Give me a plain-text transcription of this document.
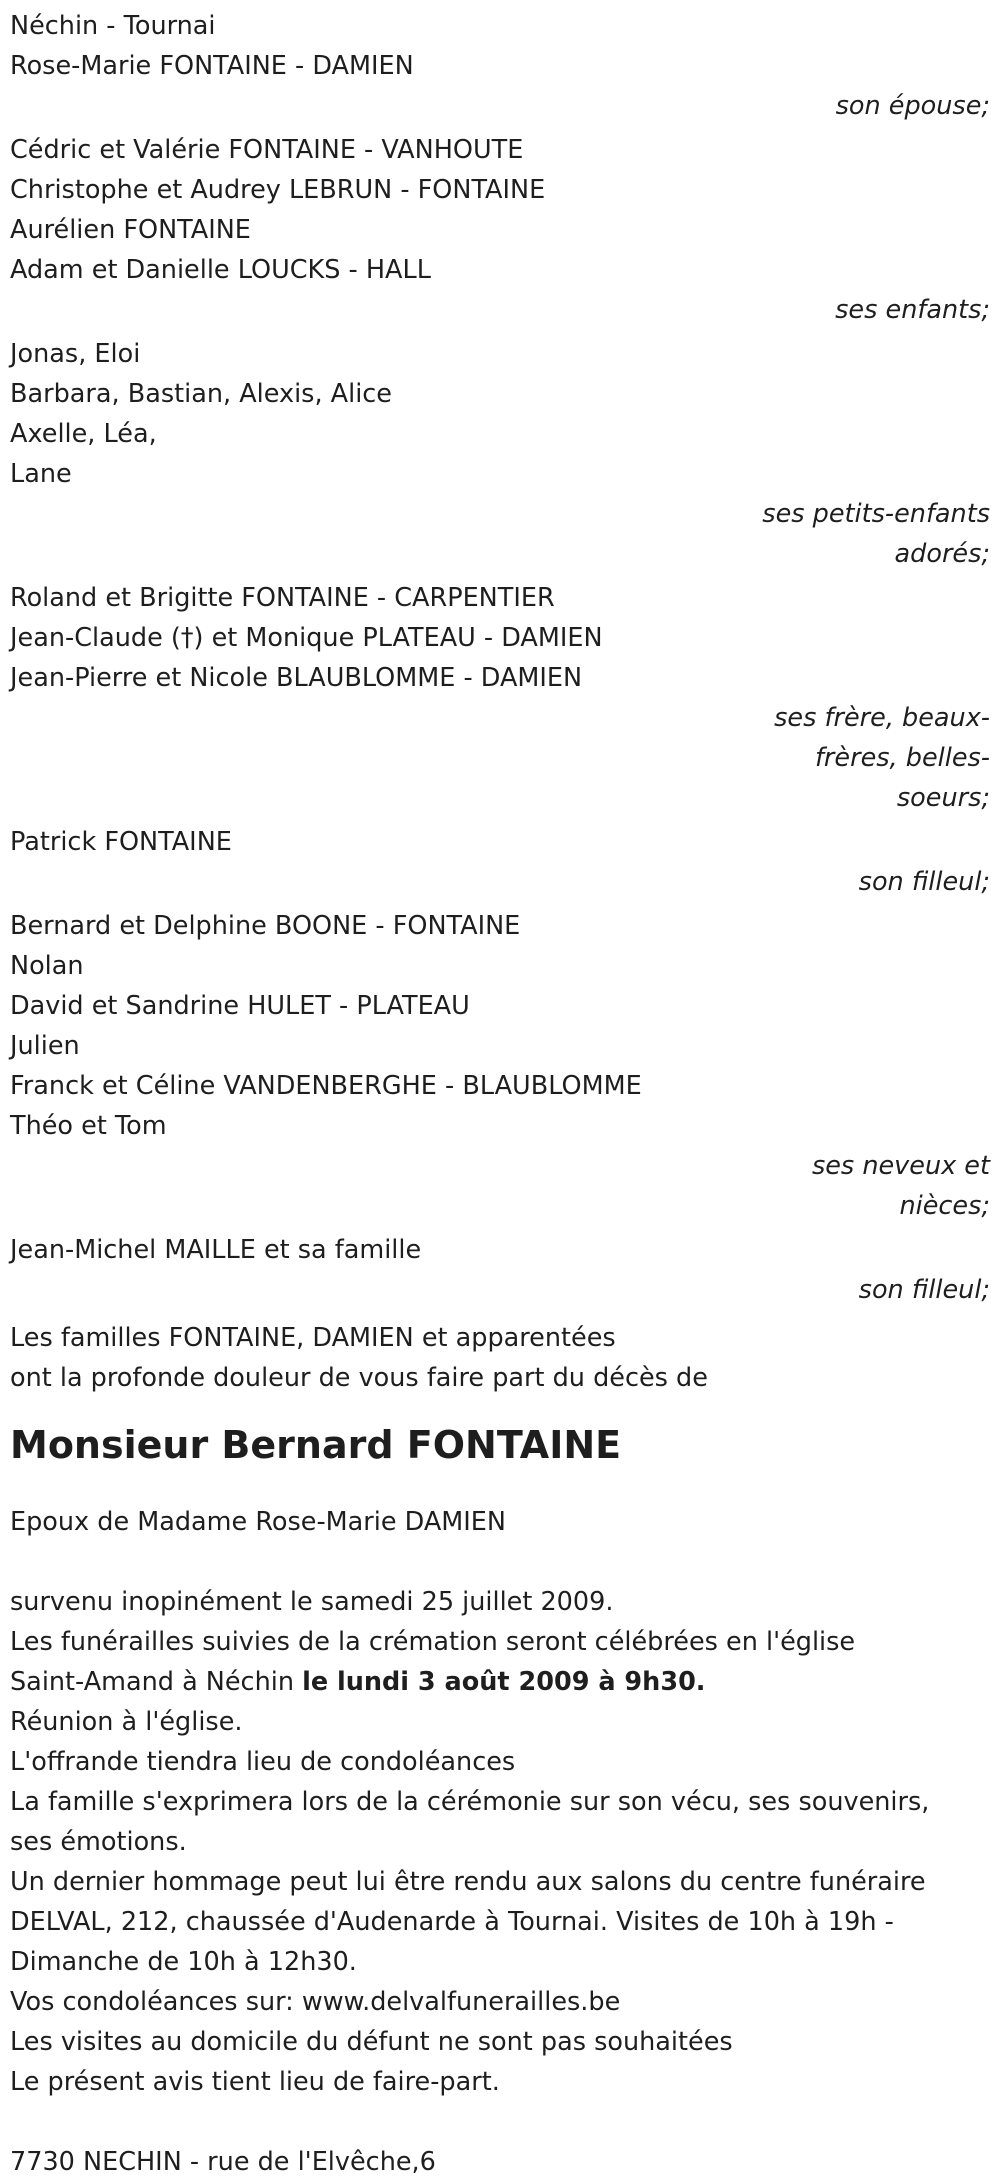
Néchin - Tournai
Rose-Marie FONTAINE - DAMIEN
son épouse;
Cédric et Valérie FONTAINE - VANHOUTE
Christophe et Audrey LEBRUN - FONTAINE
Aurélien FONTAINE
Adam et Danielle LOUCKS - HALL
ses enfants;
Jonas, Eloi
Barbara, Bastian, Alexis, Alice
Axelle, Léa,
Lane
ses petits-enfants
adorés;
Roland et Brigitte FONTAINE - CARPENTIER
Jean-Claude (†) et Monique PLATEAU - DAMIEN
Jean-Pierre et Nicole BLAUBLOMME - DAMIEN
ses frère, beaux-
frères, belles-
soeurs;
Patrick FONTAINE
son filleul;
Bernard et Delphine BOONE - FONTAINE
Nolan
David et Sandrine HULET - PLATEAU
Julien
Franck et Céline VANDENBERGHE - BLAUBLOMME
Théo et Tom
ses neveux et
nièces;
Jean-Michel MAILLE et sa famille
son filleul;
Les familles FONTAINE, DAMIEN et apparentées
ont la profonde douleur de vous faire part du décès de
Monsieur Bernard FONTAINE
Epoux de Madame Rose-Marie DAMIEN
survenu inopinément le samedi 25 juillet 2009.
Les funérailles suivies de la crémation seront célébrées en l'église
Saint-Amand à Néchin le lundi 3 août 2009 à 9h30.
Réunion à l'église.
L'offrande tiendra lieu de condoléances
La famille s'exprimera lors de la cérémonie sur son vécu, ses souvenirs,
ses émotions.
Un dernier hommage peut lui être rendu aux salons du centre funéraire
DELVAL, 212, chaussée d'Audenarde à Tournai. Visites de 10h à 19h -
Dimanche de 10h à 12h30.
Vos condoléances sur: www.delvalfunerailles.be
Les visites au domicile du défunt ne sont pas souhaitées
Le présent avis tient lieu de faire-part.
7730 NECHIN - rue de l'Elvêche,6
